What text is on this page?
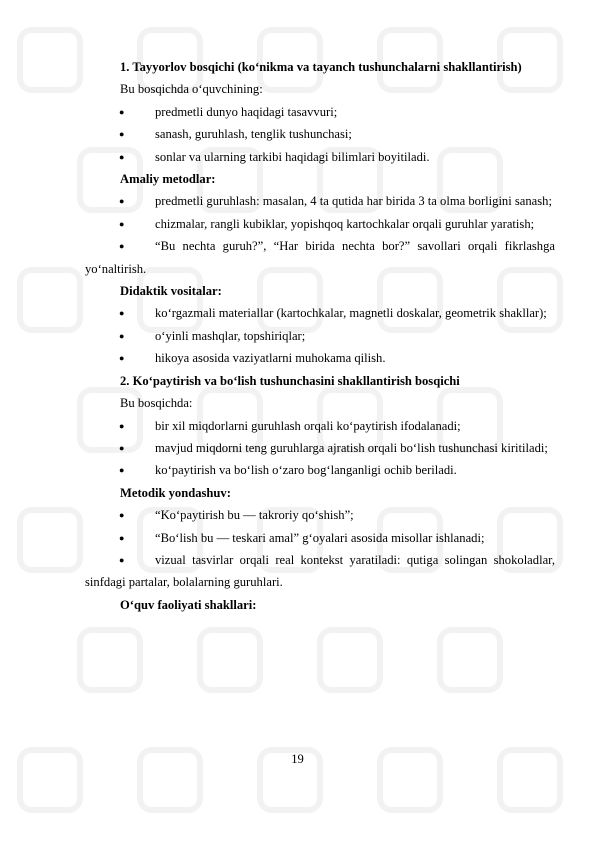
1. Tayyorlov bosqichi (ko‘nikma va tayanch tushunchalarni shakllantirish)

Bu bosqichda o‘quvchining:

● predmetli dunyo haqidagi tasavvuri;

● sanash, guruhlash, tenglik tushunchasi;

● sonlar va ularning tarkibi haqidagi bilimlari boyitiladi.

Amaliy metodlar:

● predmetli guruhlash: masalan, 4 ta qutida har birida 3 ta olma borligini sanash;

● chizmalar, rangli kubiklar, yopishqoq kartochkalar orqali guruhlar yaratish;

● “Bu nechta guruh?”, “Har birida nechta bor?” savollari orqali fikrlashga yo‘naltirish.

Didaktik vositalar:

● ko‘rgazmali materiallar (kartochkalar, magnetli doskalar, geometrik shakllar);

● o‘yinli mashqlar, topshiriqlar;

● hikoya asosida vaziyatlarni muhokama qilish.

2. Ko‘paytirish va bo‘lish tushunchasini shakllantirish bosqichi

Bu bosqichda:

● bir xil miqdorlarni guruhlash orqali ko‘paytirish ifodalanadi;

● mavjud miqdorni teng guruhlarga ajratish orqali bo‘lish tushunchasi kiritiladi;

● ko‘paytirish va bo‘lish o‘zaro bog‘langanligi ochib beriladi.

Metodik yondashuv:

● “Ko‘paytirish bu — takroriy qo‘shish”;

● “Bo‘lish bu — teskari amal” g‘oyalari asosida misollar ishlanadi;

● vizual tasvirlar orqali real kontekst yaratiladi: qutiga solingan shokoladlar, sinfdagi partalar, bolalarning guruhlari.

O‘quv faoliyati shakllari:

19
